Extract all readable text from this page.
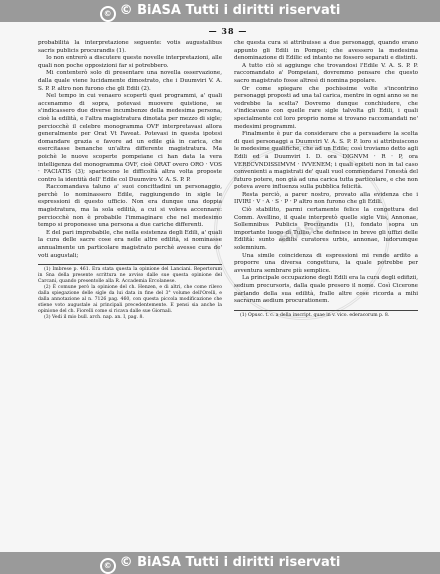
© © BiASA Tutti i diritti riservati
— 38 —

probabilità la interpretazione seguente: votis augustalibus sacris publicis procurandis (1).

Io non entrerò a discutere queste novelle interpretazioni, alle quali non poche opposizioni far si potrebbero.

Mi contenterò solo di presentare una novella osservazione, dalla quale viene lucidamente dimostrato, che i Duumviri V. A. S. P. P. altro non furono che gli Edili (2).

Nel tempo in cui venaero scoperti quei programmi, a' quali accenammo di sopra, potevasi muovere quistione, se s'indicassero due diverse incumbenze della medesima persona, cioè la edilità, e l'altra magistratura dinotata per mezzo di sigle; perciocchè il celebre monogramma OVF interpretavasi allora generalmente per Orat Vt Faveat. Potevasi in questa ipotesi domandare grazia e favore ad un edile già in carica, che esercitasse benanche un'altra differente magistratura. Ma poichè le nuove scoperte pompeiane ci han data la vera intelligenza del monogramma OVF, cioè ORAT overo ORO · VOS · FACIATIS (3); sparisceno le difficoltà altra volta proposte contro la identità dell' Edile col Duumviro V. A. S. P. P.

Raccomandava taluno a' suoi concittadini un personaggio, perchè lo nominassero Edile, raggiungendo in sigle le espressioni di questo ufficio. Non era dunque una doppia magistratura, ma la sola edilità, a cui si voleva accennare: perciocchè non è probabile l'immaginare che nel medesimo tempo si proponesse una persona a due cariche differenti.

E del pari improbabile, che nella esistenza degli Edili, a' quali la cura delle sacre cose era nelle altre edilità, si nominasse annualmente un particolare magistrato perchè avesse cura de' voti augustali;

(1) Imbrese p. 461. Era stata questa la opinione del Lanciani. Repertorum in Sna della presente scrittura ne avviso dalle sue questa opinione del Carcani, quando presentolle alla R. Accademia Ercolanese.

(2) È comune però la opinione del ch. Henzen, e di altri, che come rilevo dalla spiegazione delle sigle da lui data in fine del 3° volume dell'Orelli, e dalla annotazione al n. 7126 pag. 460, con questa piccola modificazione che stiene voto augustale ai principali precedentemente. E pensi sia anche la opinione del ch. Fiorelli come si ricava dalle sue Giornali.

(3) Vedi il mio bull. arch. nap. an. I, pag. 8.

che questa cura si attribuisse a due personaggi, quando erano appunto gli Edili in Pompei; che avessero la medesima denominazione di Edilic ed intanto ne fossero separati e distinti.

A tutto ciò si aggiunge che trovandosi l'Edile V. A. S. P. P. raccomandato a' Pompeiani, dovremmo pensare che questo sacro magistrato fosse altresì di nomina popolare.

Or come spiegare che pochissime volte s'incontrino personaggi proposti ad una tal carica, mentre in ogni anno se ne vedrebbe la scelta? Dovremo dunque conchiudere, che s'indicavano con quelle rare sigle talvolta gli Edili, i quali specialmente col loro proprio nome si trovano raccomandati ne' medesimi programmi.

Finalmente è pur da considerare che a persuadere la scelta di quei personaggi a Duumviri V. A. S. P. P. loro si attribuiscono le medesime qualifiche, che ad un Edile; così troviamo detto agli Edili ed a Duumviri I. D. ora DIGNVM · R · P, ora VERECVNDISSIMVM · IVVENEM; i quali epiteti non in tal caso convenienti a magistrati de' quali vuol commendarsi l'onestà del futuro potere, non già ad una carica tutta particolare, e che non poteva avere influenza sulla pubblica felicità.

Resta perciò, a parer nostro, provato alla evidenza che i IIVIRI · V · A · S · P · P altro non furono che gli Edili.

Ciò stabilito, parmi certamente felice la congettura del Comm. Avellino, il quale interpretò quelle sigle Viis, Annonae, Sollemnibus Publicis Procurandis (1), fondato sopra un importante luogo di Tullio, che definisce in breve gli uffizi delle Edilità: sunto aedilis curatores urbis, annonae, ludorumque solemnium.

Una simile coincidenza di espressioni mi rende ardito a proporre una diversa congettura, la quale potrebbe per avventura sembrare più semplice.

La principale occupazione degli Edili era la cura degli edifizii, sedium precursoris, dalla quale presero il nome. Così Cicerone parlando della sua edilità, fralle altre cose ricorda a mihi sacrarum aedium procurationem.

(1) Opusc. t. c. a della inscript. quae in v. vico. ederacorum p. 8.

BiASA
© © BiASA Tutti i diritti riservati
